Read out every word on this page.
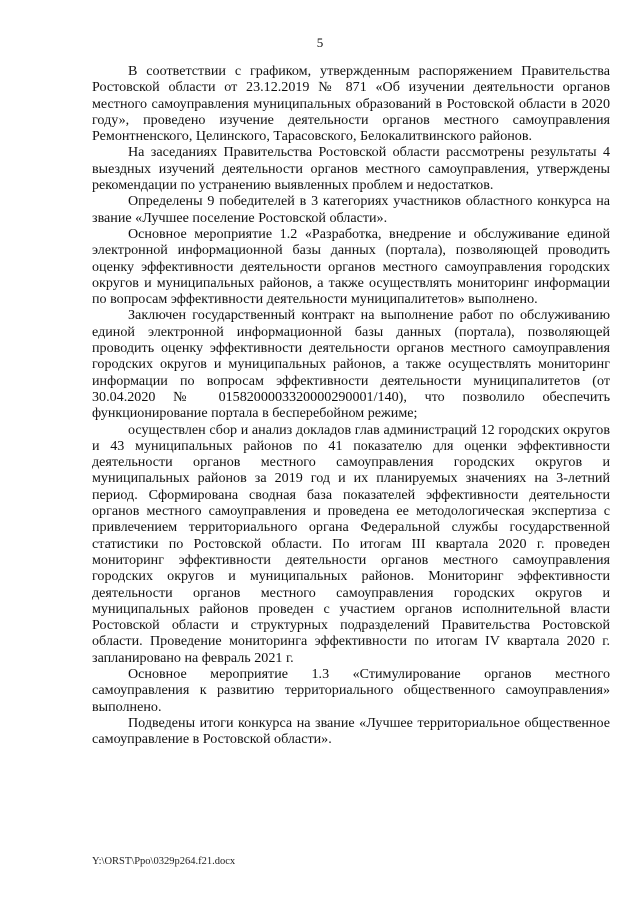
5

В соответствии с графиком, утвержденным распоряжением Правительства Ростовской области от 23.12.2019 № 871 «Об изучении деятельности органов местного самоуправления муниципальных образований в Ростовской области в 2020 году», проведено изучение деятельности органов местного самоуправления Ремонтненского, Целинского, Тарасовского, Белокалитвинского районов.

На заседаниях Правительства Ростовской области рассмотрены результаты 4 выездных изучений деятельности органов местного самоуправления, утверждены рекомендации по устранению выявленных проблем и недостатков.

Определены 9 победителей в 3 категориях участников областного конкурса на звание «Лучшее поселение Ростовской области».

Основное мероприятие 1.2 «Разработка, внедрение и обслуживание единой электронной информационной базы данных (портала), позволяющей проводить оценку эффективности деятельности органов местного самоуправления городских округов и муниципальных районов, а также осуществлять мониторинг информации по вопросам эффективности деятельности муниципалитетов» выполнено.

Заключен государственный контракт на выполнение работ по обслуживанию единой электронной информационной базы данных (портала), позволяющей проводить оценку эффективности деятельности органов местного самоуправления городских округов и муниципальных районов, а также осуществлять мониторинг информации по вопросам эффективности деятельности муниципалитетов (от 30.04.2020 № 0158200003320000290001/140), что позволило обеспечить функционирование портала в бесперебойном режиме;

осуществлен сбор и анализ докладов глав администраций 12 городских округов и 43 муниципальных районов по 41 показателю для оценки эффективности деятельности органов местного самоуправления городских округов и муниципальных районов за 2019 год и их планируемых значениях на 3-летний период. Сформирована сводная база показателей эффективности деятельности органов местного самоуправления и проведена ее методологическая экспертиза с привлечением территориального органа Федеральной службы государственной статистики по Ростовской области. По итогам III квартала 2020 г. проведен мониторинг эффективности деятельности органов местного самоуправления городских округов и муниципальных районов. Мониторинг эффективности деятельности органов местного самоуправления городских округов и муниципальных районов проведен с участием органов исполнительной власти Ростовской области и структурных подразделений Правительства Ростовской области. Проведение мониторинга эффективности по итогам IV квартала 2020 г. запланировано на февраль 2021 г.

Основное мероприятие 1.3 «Стимулирование органов местного самоуправления к развитию территориального общественного самоуправления» выполнено.

Подведены итоги конкурса на звание «Лучшее территориальное общественное самоуправление в Ростовской области».

Y:\ORST\Ppo\0329p264.f21.docx
